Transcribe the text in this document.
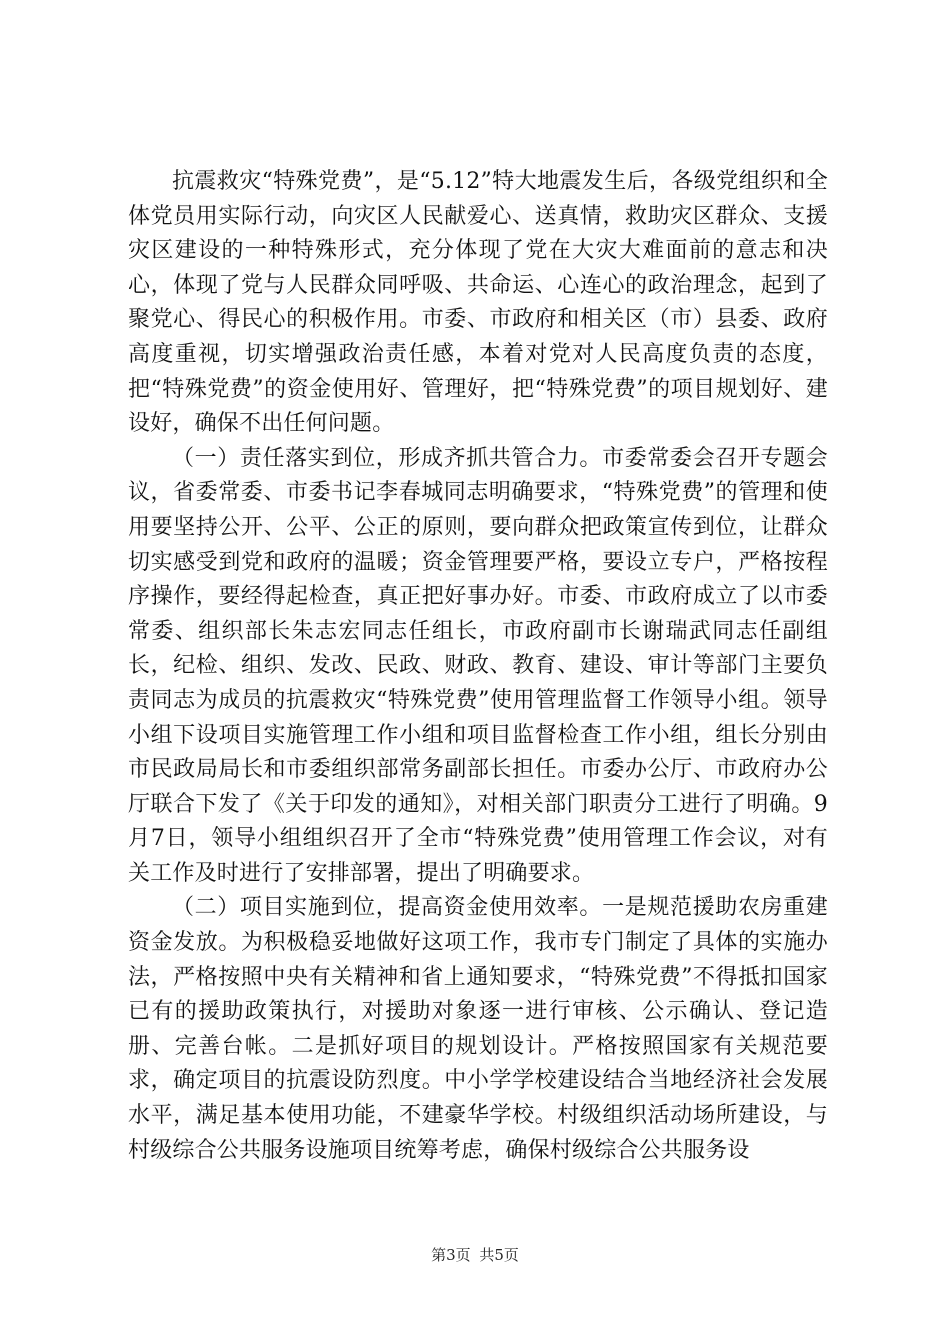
抗震救灾“特殊党费”，是“5.12”特大地震发生后，各级党组织和全体党员用实际行动，向灾区人民献爱心、送真情，救助灾区群众、支援灾区建设的一种特殊形式，充分体现了党在大灾大难面前的意志和决心，体现了党与人民群众同呼吸、共命运、心连心的政治理念，起到了聚党心、得民心的积极作用。市委、市政府和相关区（市）县委、政府高度重视，切实增强政治责任感，本着对党对人民高度负责的态度，把“特殊党费”的资金使用好、管理好，把“特殊党费”的项目规划好、建设好，确保不出任何问题。

（一）责任落实到位，形成齐抓共管合力。市委常委会召开专题会议，省委常委、市委书记李春城同志明确要求，“特殊党费”的管理和使用要坚持公开、公平、公正的原则，要向群众把政策宣传到位，让群众切实感受到党和政府的温暖；资金管理要严格，要设立专户，严格按程序操作，要经得起检查，真正把好事办好。市委、市政府成立了以市委常委、组织部长朱志宏同志任组长，市政府副市长谢瑞武同志任副组长，纪检、组织、发改、民政、财政、教育、建设、审计等部门主要负责同志为成员的抗震救灾“特殊党费”使用管理监督工作领导小组。领导小组下设项目实施管理工作小组和项目监督检查工作小组，组长分别由市民政局局长和市委组织部常务副部长担任。市委办公厅、市政府办公厅联合下发了《关于印发的通知》，对相关部门职责分工进行了明确。9月7日，领导小组组织召开了全市“特殊党费”使用管理工作会议，对有关工作及时进行了安排部署，提出了明确要求。

（二）项目实施到位，提高资金使用效率。一是规范援助农房重建资金发放。为积极稳妥地做好这项工作，我市专门制定了具体的实施办法，严格按照中央有关精神和省上通知要求，“特殊党费”不得抵扣国家已有的援助政策执行，对援助对象逐一进行审核、公示确认、登记造册、完善台帐。二是抓好项目的规划设计。严格按照国家有关规范要求，确定项目的抗震设防烈度。中小学学校建设结合当地经济社会发展水平，满足基本使用功能，不建豪华学校。村级组织活动场所建设，与村级综合公共服务设施项目统筹考虑，确保村级综合公共服务设

第3页 共5页
